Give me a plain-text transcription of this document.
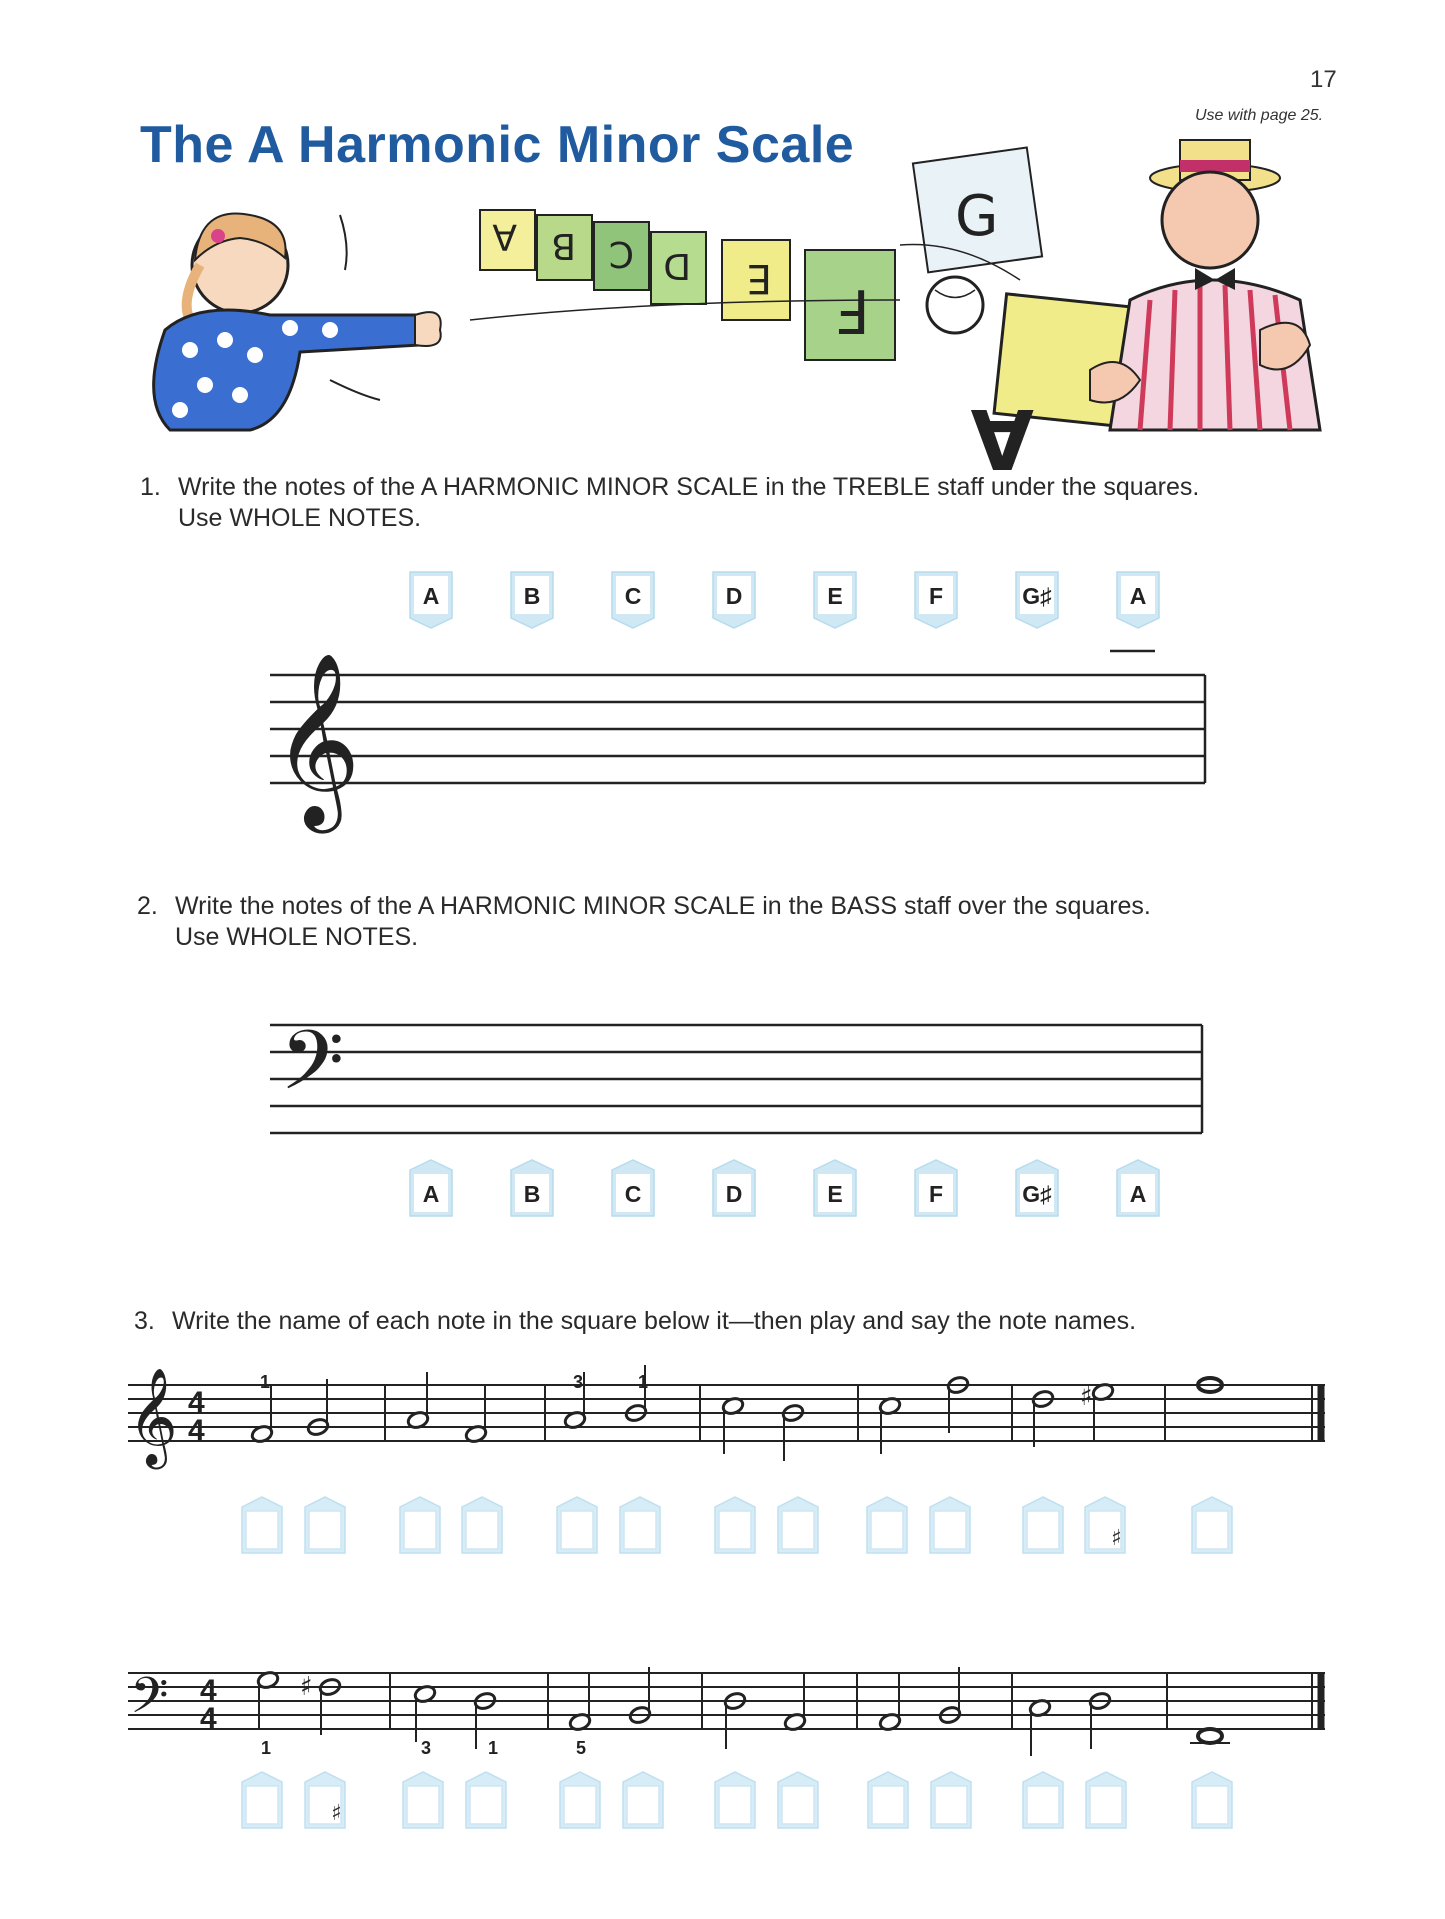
17
Use with page 25.
The A Harmonic Minor Scale
1. Write the notes of the A HARMONIC MINOR SCALE in the TREBLE staff under the squares.
Use WHOLE NOTES.
2. Write the notes of the A HARMONIC MINOR SCALE in the BASS staff over the squares.
Use WHOLE NOTES.
3. Write the name of each note in the square below it—then play and say the note names.
G
A
A B C D E F
A	B	C	D	E	F	G♯	A
𝄞
𝄢
A	B	C	D	E	F	G♯	A
𝄞 4
4
♯
1	3	1
♯
𝄢 4
4
♯
1	3	1	5
♯
